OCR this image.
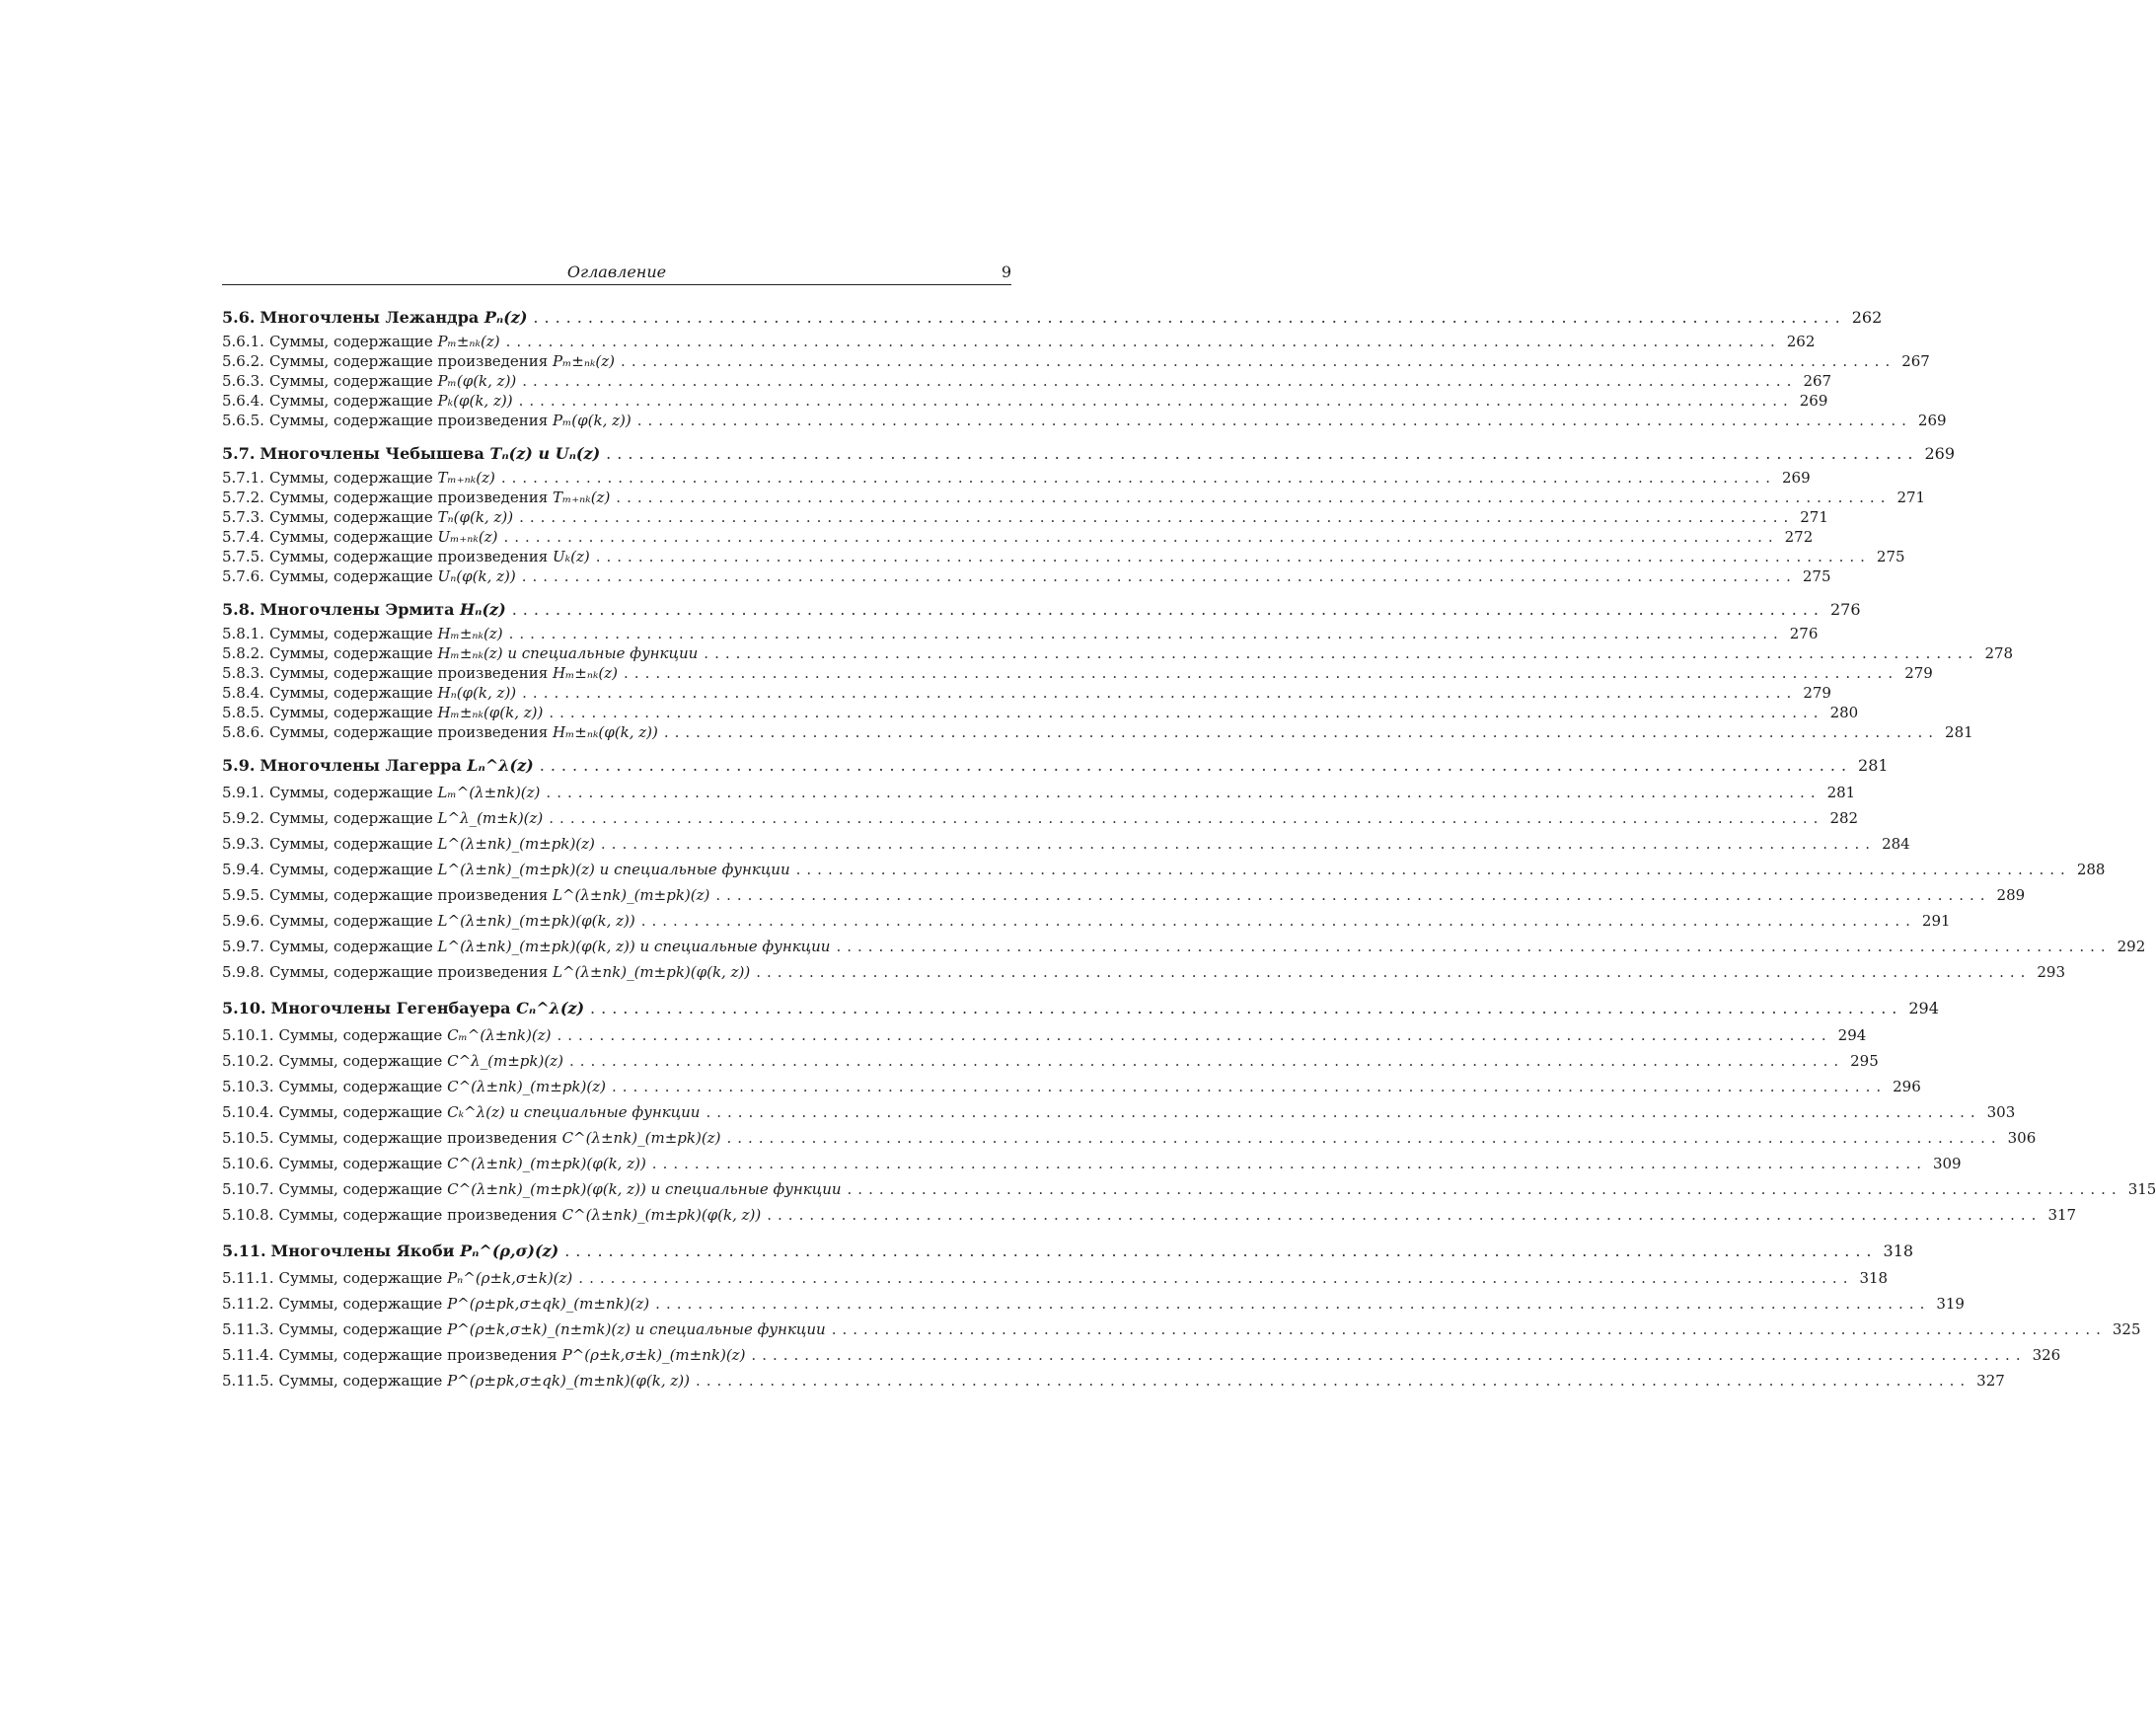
Оглавление	9
5.6. Многочлены Лежандра Pₙ(z) ........................................................................................................................ 262
5.6.1. Суммы, содержащие Pₘ±ₙₖ(z) ........................................................................................................................ 262
5.6.2. Суммы, содержащие произведения Pₘ±ₙₖ(z) ........................................................................................................................ 267
5.6.3. Суммы, содержащие Pₘ(φ(k, z)) ........................................................................................................................ 267
5.6.4. Суммы, содержащие Pₖ(φ(k, z)) ........................................................................................................................ 269
5.6.5. Суммы, содержащие произведения Pₘ(φ(k, z)) ........................................................................................................................ 269
5.7. Многочлены Чебышева Tₙ(z) и Uₙ(z) ........................................................................................................................ 269
5.7.1. Суммы, содержащие Tₘ₊ₙₖ(z) ........................................................................................................................ 269
5.7.2. Суммы, содержащие произведения Tₘ₊ₙₖ(z) ........................................................................................................................ 271
5.7.3. Суммы, содержащие Tₙ(φ(k, z)) ........................................................................................................................ 271
5.7.4. Суммы, содержащие Uₘ₊ₙₖ(z) ........................................................................................................................ 272
5.7.5. Суммы, содержащие произведения Uₖ(z) ........................................................................................................................ 275
5.7.6. Суммы, содержащие Uₙ(φ(k, z)) ........................................................................................................................ 275
5.8. Многочлены Эрмита Hₙ(z) ........................................................................................................................ 276
5.8.1. Суммы, содержащие Hₘ±ₙₖ(z) ........................................................................................................................ 276
5.8.2. Суммы, содержащие Hₘ±ₙₖ(z) и специальные функции ........................................................................................................................ 278
5.8.3. Суммы, содержащие произведения Hₘ±ₙₖ(z) ........................................................................................................................ 279
5.8.4. Суммы, содержащие Hₙ(φ(k, z)) ........................................................................................................................ 279
5.8.5. Суммы, содержащие Hₘ±ₙₖ(φ(k, z)) ........................................................................................................................ 280
5.8.6. Суммы, содержащие произведения Hₘ±ₙₖ(φ(k, z)) ........................................................................................................................ 281
5.9. Многочлены Лагерра Lₙ^λ(z) ........................................................................................................................ 281
5.9.1. Суммы, содержащие Lₘ^(λ±nk)(z) ........................................................................................................................ 281
5.9.2. Суммы, содержащие L^λ_(m±k)(z) ........................................................................................................................ 282
5.9.3. Суммы, содержащие L^(λ±nk)_(m±pk)(z) ........................................................................................................................ 284
5.9.4. Суммы, содержащие L^(λ±nk)_(m±pk)(z) и специальные функции ........................................................................................................................ 288
5.9.5. Суммы, содержащие произведения L^(λ±nk)_(m±pk)(z) ........................................................................................................................ 289
5.9.6. Суммы, содержащие L^(λ±nk)_(m±pk)(φ(k, z)) ........................................................................................................................ 291
5.9.7. Суммы, содержащие L^(λ±nk)_(m±pk)(φ(k, z)) и специальные функции ........................................................................................................................ 292
5.9.8. Суммы, содержащие произведения L^(λ±nk)_(m±pk)(φ(k, z)) ........................................................................................................................ 293
5.10. Многочлены Гегенбауера Cₙ^λ(z) ........................................................................................................................ 294
5.10.1. Суммы, содержащие Cₘ^(λ±nk)(z) ........................................................................................................................ 294
5.10.2. Суммы, содержащие C^λ_(m±pk)(z) ........................................................................................................................ 295
5.10.3. Суммы, содержащие C^(λ±nk)_(m±pk)(z) ........................................................................................................................ 296
5.10.4. Суммы, содержащие Cₖ^λ(z) и специальные функции ........................................................................................................................ 303
5.10.5. Суммы, содержащие произведения C^(λ±nk)_(m±pk)(z) ........................................................................................................................ 306
5.10.6. Суммы, содержащие C^(λ±nk)_(m±pk)(φ(k, z)) ........................................................................................................................ 309
5.10.7. Суммы, содержащие C^(λ±nk)_(m±pk)(φ(k, z)) и специальные функции ........................................................................................................................ 315
5.10.8. Суммы, содержащие произведения C^(λ±nk)_(m±pk)(φ(k, z)) ........................................................................................................................ 317
5.11. Многочлены Якоби Pₙ^(ρ,σ)(z) ........................................................................................................................ 318
5.11.1. Суммы, содержащие Pₙ^(ρ±k,σ±k)(z) ........................................................................................................................ 318
5.11.2. Суммы, содержащие P^(ρ±pk,σ±qk)_(m±nk)(z) ........................................................................................................................ 319
5.11.3. Суммы, содержащие P^(ρ±k,σ±k)_(n±mk)(z) и специальные функции ........................................................................................................................ 325
5.11.4. Суммы, содержащие произведения P^(ρ±k,σ±k)_(m±nk)(z) ........................................................................................................................ 326
5.11.5. Суммы, содержащие P^(ρ±pk,σ±qk)_(m±nk)(φ(k, z)) ........................................................................................................................ 327
